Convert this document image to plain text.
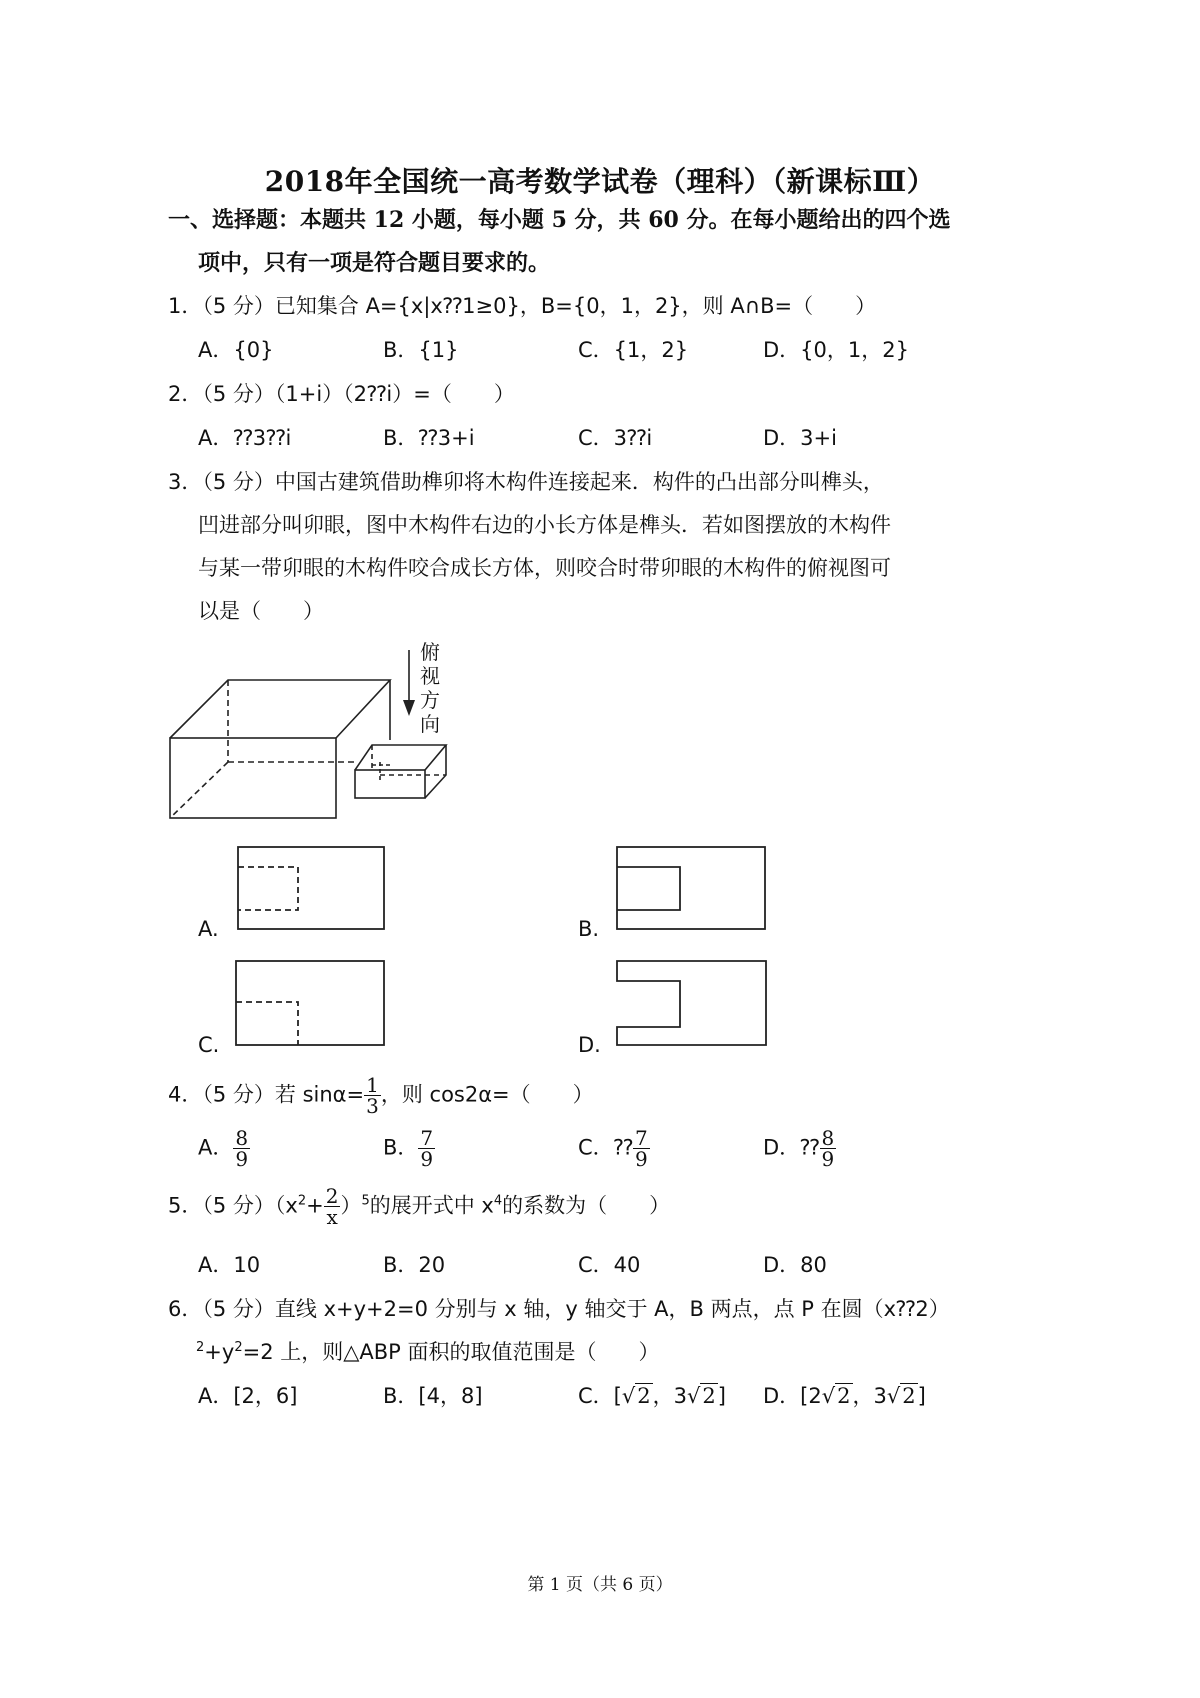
2018年全国统一高考数学试卷（理科）（新课标Ⅲ）
一、选择题：本题共 12 小题，每小题 5 分，共 60 分。在每小题给出的四个选
项中，只有一项是符合题目要求的。
1．（5 分）已知集合 A={x|x⁇1≥0}，B={0，1，2}，则 A∩B=（　　）
A．{0}	B．{1}	C．{1，2}	D．{0，1，2}
2．（5 分）（1+i）（2⁇i）=（　　）
A．⁇3⁇i	B．⁇3+i	C．3⁇i	D．3+i
3．（5 分）中国古建筑借助榫卯将木构件连接起来．构件的凸出部分叫榫头，
凹进部分叫卯眼，图中木构件右边的小长方体是榫头．若如图摆放的木构件
与某一带卯眼的木构件咬合成长方体，则咬合时带卯眼的木构件的俯视图可
以是（　　）
俯
视
方
向
A.	B.
C.	D.
4．（5 分）若 $\sin\alpha= \frac{1}{3}$ ，则 cos2α=（　　）
A． $\frac{8}{9}$	B． $\frac{7}{9}$	C．⁇ $\frac{7}{9}$	D．⁇ $\frac{8}{9}$
5．（5 分）$(x^2+ \frac{2}{x} )^5$的展开式中 $x^4$的系数为（　　）
A．10	B．20	C．40	D．80
6．（5 分）直线 x+y+2=0 分别与 x 轴，y 轴交于 A，B 两点，点 P 在圆（x⁇2）
$^2+y^2=2$ 上，则△ABP 面积的取值范围是（　　）
A．[2，6]	B．[4，8]	C．[√2，3√2] D．[2√2，3√2]
第 1 页（共 6 页）
